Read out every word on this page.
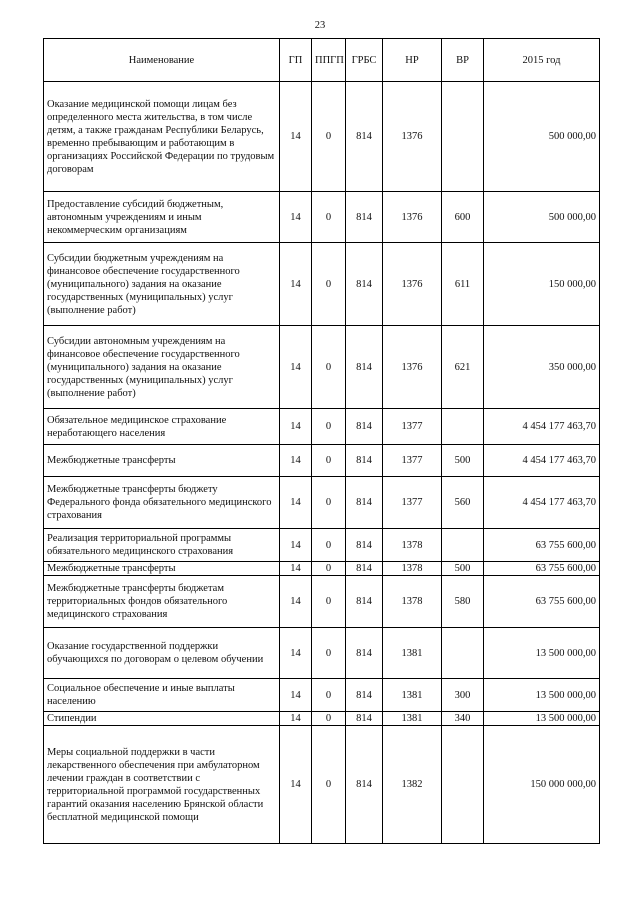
23
Наименование	ГП	ППГП	ГРБС	НР	ВР	2015 год
Оказание медицинской помощи лицам без определенного места жительства, в том числе детям, а также гражданам Республики Беларусь, временно пребывающим и работающим в организациях Российской Федерации по трудовым договорам	14	0	814	1376		500 000,00
Предоставление субсидий бюджетным, автономным учреждениям и иным некоммерческим организациям	14	0	814	1376	600	500 000,00
Субсидии бюджетным учреждениям на финансовое обеспечение государственного (муниципального) задания на оказание государственных (муниципальных) услуг (выполнение работ)	14	0	814	1376	611	150 000,00
Субсидии автономным учреждениям на финансовое обеспечение государственного (муниципального) задания на оказание государственных (муниципальных) услуг (выполнение работ)	14	0	814	1376	621	350 000,00
Обязательное медицинское страхование неработающего населения	14	0	814	1377		4 454 177 463,70
Межбюджетные трансферты	14	0	814	1377	500	4 454 177 463,70
Межбюджетные трансферты бюджету Федерального фонда обязательного медицинского страхования	14	0	814	1377	560	4 454 177 463,70
Реализация территориальной программы обязательного медицинского страхования	14	0	814	1378		63 755 600,00
Межбюджетные трансферты	14	0	814	1378	500	63 755 600,00
Межбюджетные трансферты бюджетам территориальных фондов обязательного медицинского страхования	14	0	814	1378	580	63 755 600,00
Оказание государственной поддержки обучающихся по договорам о целевом обучении	14	0	814	1381		13 500 000,00
Социальное обеспечение и иные выплаты населению	14	0	814	1381	300	13 500 000,00
Стипендии	14	0	814	1381	340	13 500 000,00
Меры социальной поддержки в части лекарственного обеспечения при амбулаторном лечении граждан в соответствии с территориальной программой государственных гарантий оказания населению Брянской области бесплатной медицинской помощи	14	0	814	1382		150 000 000,00
